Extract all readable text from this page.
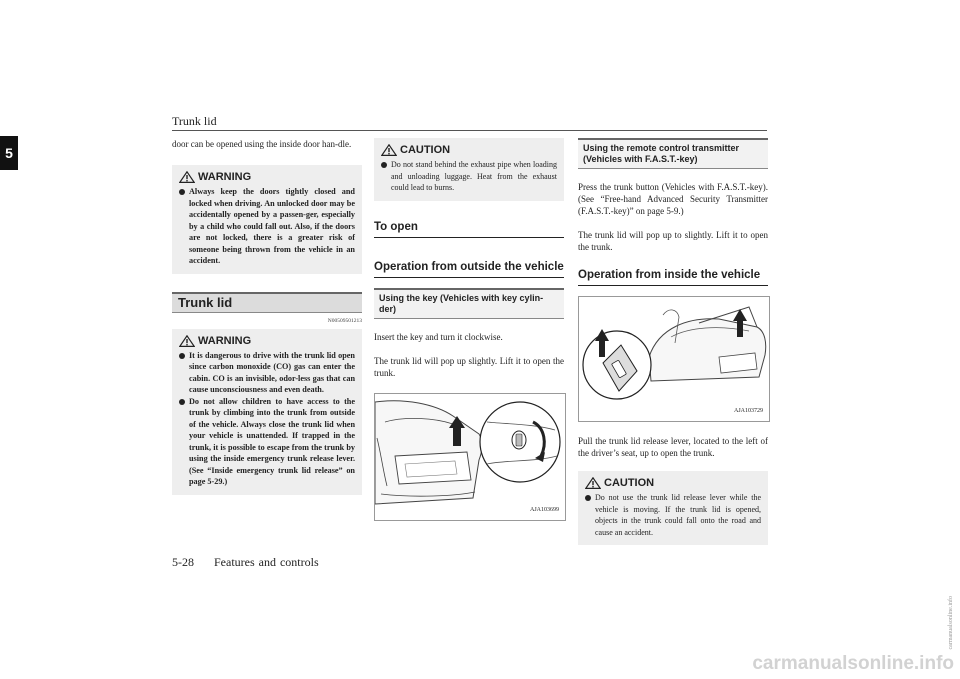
Trunk lid
5

door can be opened using the inside door han-dle.

WARNING
Always keep the doors tightly closed and locked when driving. An unlocked door may be accidentally opened by a passen-ger, especially by a child who could fall out. Also, if the doors are not locked, there is a greater risk of someone being thrown from the vehicle in an accident.
Trunk lid
N00509501213
WARNING
It is dangerous to drive with the trunk lid open since carbon monoxide (CO) gas can enter the cabin. CO is an invisible, odor-less gas that can cause unconsciousness and even death.
Do not allow children to have access to the trunk by climbing into the trunk from outside of the vehicle. Always close the trunk lid when your vehicle is unattended. If trapped in the trunk, it is possible to escape from the trunk by using the inside emergency trunk release lever. (See “Inside emergency trunk lid release” on page 5-29.)
CAUTION
Do not stand behind the exhaust pipe when loading and unloading luggage. Heat from the exhaust could lead to burns.
To open
Operation from outside the vehicle
Using the key (Vehicles with key cylin-der)

Insert the key and turn it clockwise.

The trunk lid will pop up slightly. Lift it to open the trunk.

AJA103699
Using the remote control transmitter (Vehicles with F.A.S.T.-key)

Press the trunk button (Vehicles with F.A.S.T.-key). (See “Free-hand Advanced Security Transmitter (F.A.S.T.-key)” on page 5-9.)

The trunk lid will pop up to slightly. Lift it to open the trunk.

Operation from inside the vehicle
AJA103729

Pull the trunk lid release lever, located to the left of the driver’s seat, up to open the trunk.

CAUTION
Do not use the trunk lid release lever while the vehicle is moving. If the trunk lid is opened, objects in the trunk could fall onto the road and cause an accident.
5-28 Features and controls
carmanualsonline.info
carmanualsonline.info
